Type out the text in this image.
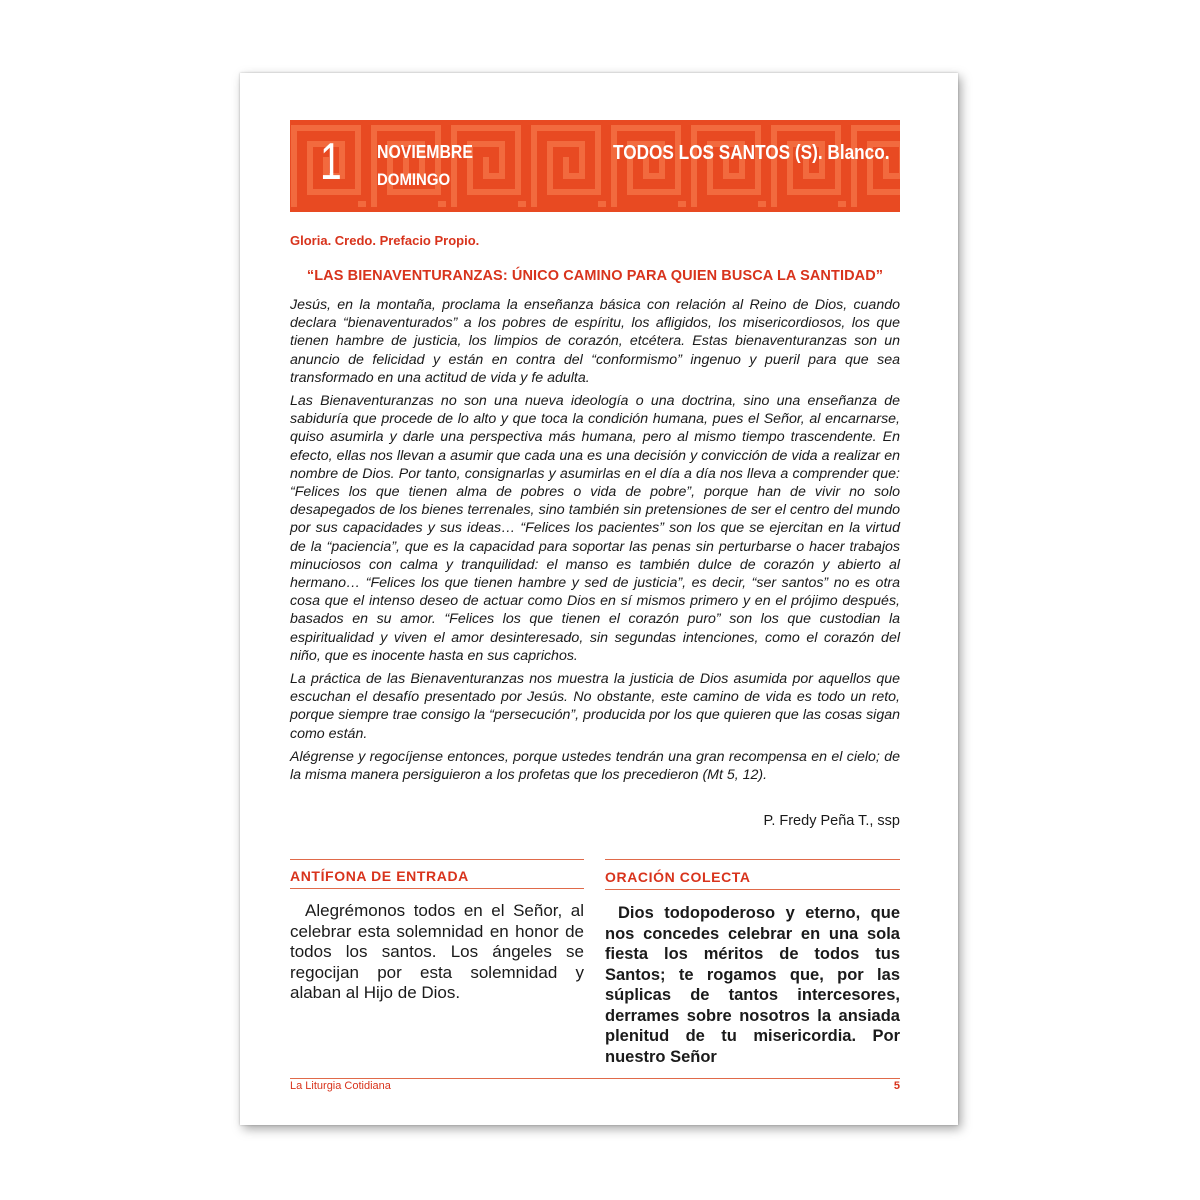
1 NOVIEMBRE
DOMINGO
TODOS LOS SANTOS (S). Blanco.
Gloria. Credo. Prefacio Propio.
“LAS BIENAVENTURANZAS: ÚNICO CAMINO PARA QUIEN BUSCA LA SANTIDAD”

Jesús, en la montaña, proclama la enseñanza básica con relación al Reino de Dios, cuando declara “bienaventurados” a los pobres de espíritu, los afligidos, los misericordiosos, los que tienen hambre de justicia, los limpios de corazón, etcétera. Estas bienaventuranzas son un anuncio de felicidad y están en contra del “conformismo” ingenuo y pueril para que sea transformado en una actitud de vida y fe adulta.

Las Bienaventuranzas no son una nueva ideología o una doctrina, sino una enseñanza de sabiduría que procede de lo alto y que toca la condición humana, pues el Señor, al encarnarse, quiso asumirla y darle una perspectiva más humana, pero al mismo tiempo trascendente. En efecto, ellas nos llevan a asumir que cada una es una decisión y convicción de vida a realizar en nombre de Dios. Por tanto, consignarlas y asumirlas en el día a día nos lleva a comprender que: “Felices los que tienen alma de pobres o vida de pobre”, porque han de vivir no solo desapegados de los bienes terrenales, sino también sin pretensiones de ser el centro del mundo por sus capacidades y sus ideas… “Felices los pacientes” son los que se ejercitan en la virtud de la “paciencia”, que es la capacidad para soportar las penas sin perturbarse o hacer trabajos minuciosos con calma y tranquilidad: el manso es también dulce de corazón y abierto al hermano… “Felices los que tienen hambre y sed de justicia”, es decir, “ser santos” no es otra cosa que el intenso deseo de actuar como Dios en sí mismos primero y en el prójimo después, basados en su amor. “Felices los que tienen el corazón puro” son los que custodian la espiritualidad y viven el amor desinteresado, sin segundas intenciones, como el corazón del niño, que es inocente hasta en sus caprichos.

La práctica de las Bienaventuranzas nos muestra la justicia de Dios asumida por aquellos que escuchan el desafío presentado por Jesús. No obstante, este camino de vida es todo un reto, porque siempre trae consigo la “persecución”, producida por los que quieren que las cosas sigan como están.

Alégrense y regocíjense entonces, porque ustedes tendrán una gran recompensa en el cielo; de la misma manera persiguieron a los profetas que los precedieron (Mt 5, 12).

P. Fredy Peña T., ssp
ANTÍFONA DE ENTRADA
Alegrémonos todos en el Señor, al celebrar esta solemnidad en honor de todos los santos. Los ángeles se regocijan por esta solemnidad y alaban al Hijo de Dios.
ORACIÓN COLECTA
Dios todopoderoso y eterno, que nos concedes celebrar en una sola fiesta los méritos de todos tus Santos; te rogamos que, por las súplicas de tantos intercesores, derrames sobre nosotros la ansiada plenitud de tu misericordia. Por nuestro Señor
La Liturgia Cotidiana	5
